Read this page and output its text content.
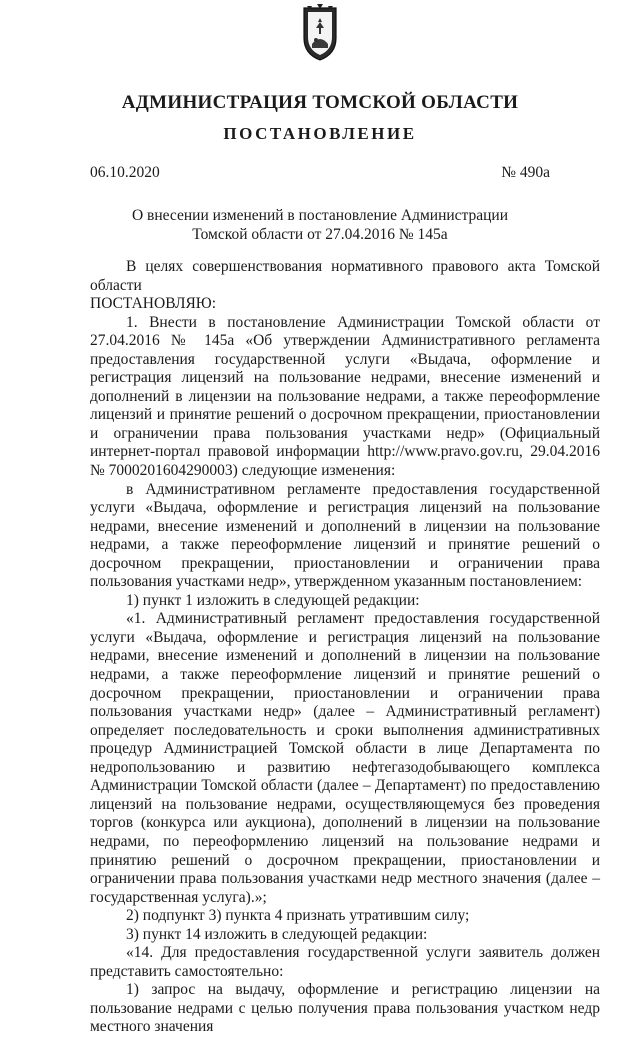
АДМИНИСТРАЦИЯ ТОМСКОЙ ОБЛАСТИ
ПОСТАНОВЛЕНИЕ
06.10.2020	№ 490а
О внесении изменений в постановление Администрации
Томской области от 27.04.2016 № 145а

В целях совершенствования нормативного правового акта Томской области

ПОСТАНОВЛЯЮ:

1. Внести в постановление Администрации Томской области от 27.04.2016 № 145а «Об утверждении Административного регламента предоставления государственной услуги «Выдача, оформление и регистрация лицензий на пользование недрами, внесение изменений и дополнений в лицензии на пользование недрами, а также переоформление лицензий и принятие решений о досрочном прекращении, приостановлении и ограничении права пользования участками недр» (Официальный интернет-портал правовой информации http://www.pravo.gov.ru, 29.04.2016 № 7000201604290003) следующие изменения:

в Административном регламенте предоставления государственной услуги «Выдача, оформление и регистрация лицензий на пользование недрами, внесение изменений и дополнений в лицензии на пользование недрами, а также переоформление лицензий и принятие решений о досрочном прекращении, приостановлении и ограничении права пользования участками недр», утвержденном указанным постановлением:

1) пункт 1 изложить в следующей редакции:

«1. Административный регламент предоставления государственной услуги «Выдача, оформление и регистрация лицензий на пользование недрами, внесение изменений и дополнений в лицензии на пользование недрами, а также переоформление лицензий и принятие решений о досрочном прекращении, приостановлении и ограничении права пользования участками недр» (далее – Административный регламент) определяет последовательность и сроки выполнения административных процедур Администрацией Томской области в лице Департамента по недропользованию и развитию нефтегазодобывающего комплекса Администрации Томской области (далее – Департамент) по предоставлению лицензий на пользование недрами, осуществляющемуся без проведения торгов (конкурса или аукциона), дополнений в лицензии на пользование недрами, по переоформлению лицензий на пользование недрами и принятию решений о досрочном прекращении, приостановлении и ограничении права пользования участками недр местного значения (далее – государственная услуга).»;

2) подпункт 3) пункта 4 признать утратившим силу;

3) пункт 14 изложить в следующей редакции:

«14. Для предоставления государственной услуги заявитель должен представить самостоятельно:

1) запрос на выдачу, оформление и регистрацию лицензии на пользование недрами с целью получения права пользования участком недр местного значения
